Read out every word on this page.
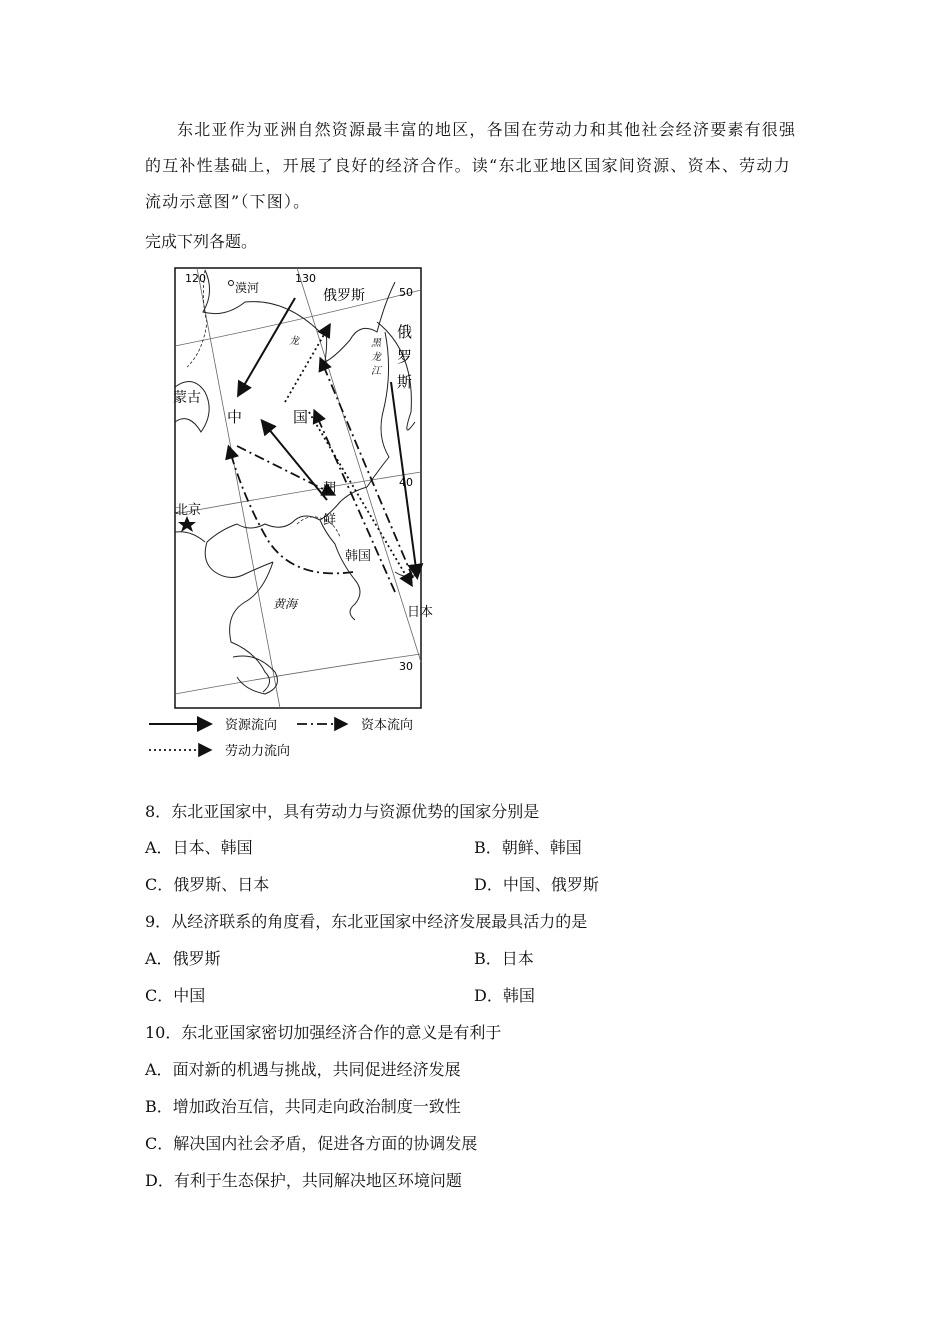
东北亚作为亚洲自然资源最丰富的地区，各国在劳动力和其他社会经济要素有很强的互补性基础上，开展了良好的经济合作。读“东北亚地区国家间资源、资本、劳动力流动示意图”（下图）。
完成下列各题。
120	130
50
40
30
漠河	俄罗斯
俄
罗
斯
黑
龙
江
龙
蒙古
中	国
北京
朝
鲜
韩国
黄海
日本
资源流向	资本流向
劳动力流向
8．东北亚国家中，具有劳动力与资源优势的国家分别是
A．日本、韩国	B．朝鲜、韩国
C．俄罗斯、日本	D．中国、俄罗斯
9．从经济联系的角度看，东北亚国家中经济发展最具活力的是
A．俄罗斯	B．日本
C．中国	D．韩国
10．东北亚国家密切加强经济合作的意义是有利于
A．面对新的机遇与挑战，共同促进经济发展
B．增加政治互信，共同走向政治制度一致性
C．解决国内社会矛盾，促进各方面的协调发展
D．有利于生态保护，共同解决地区环境问题
